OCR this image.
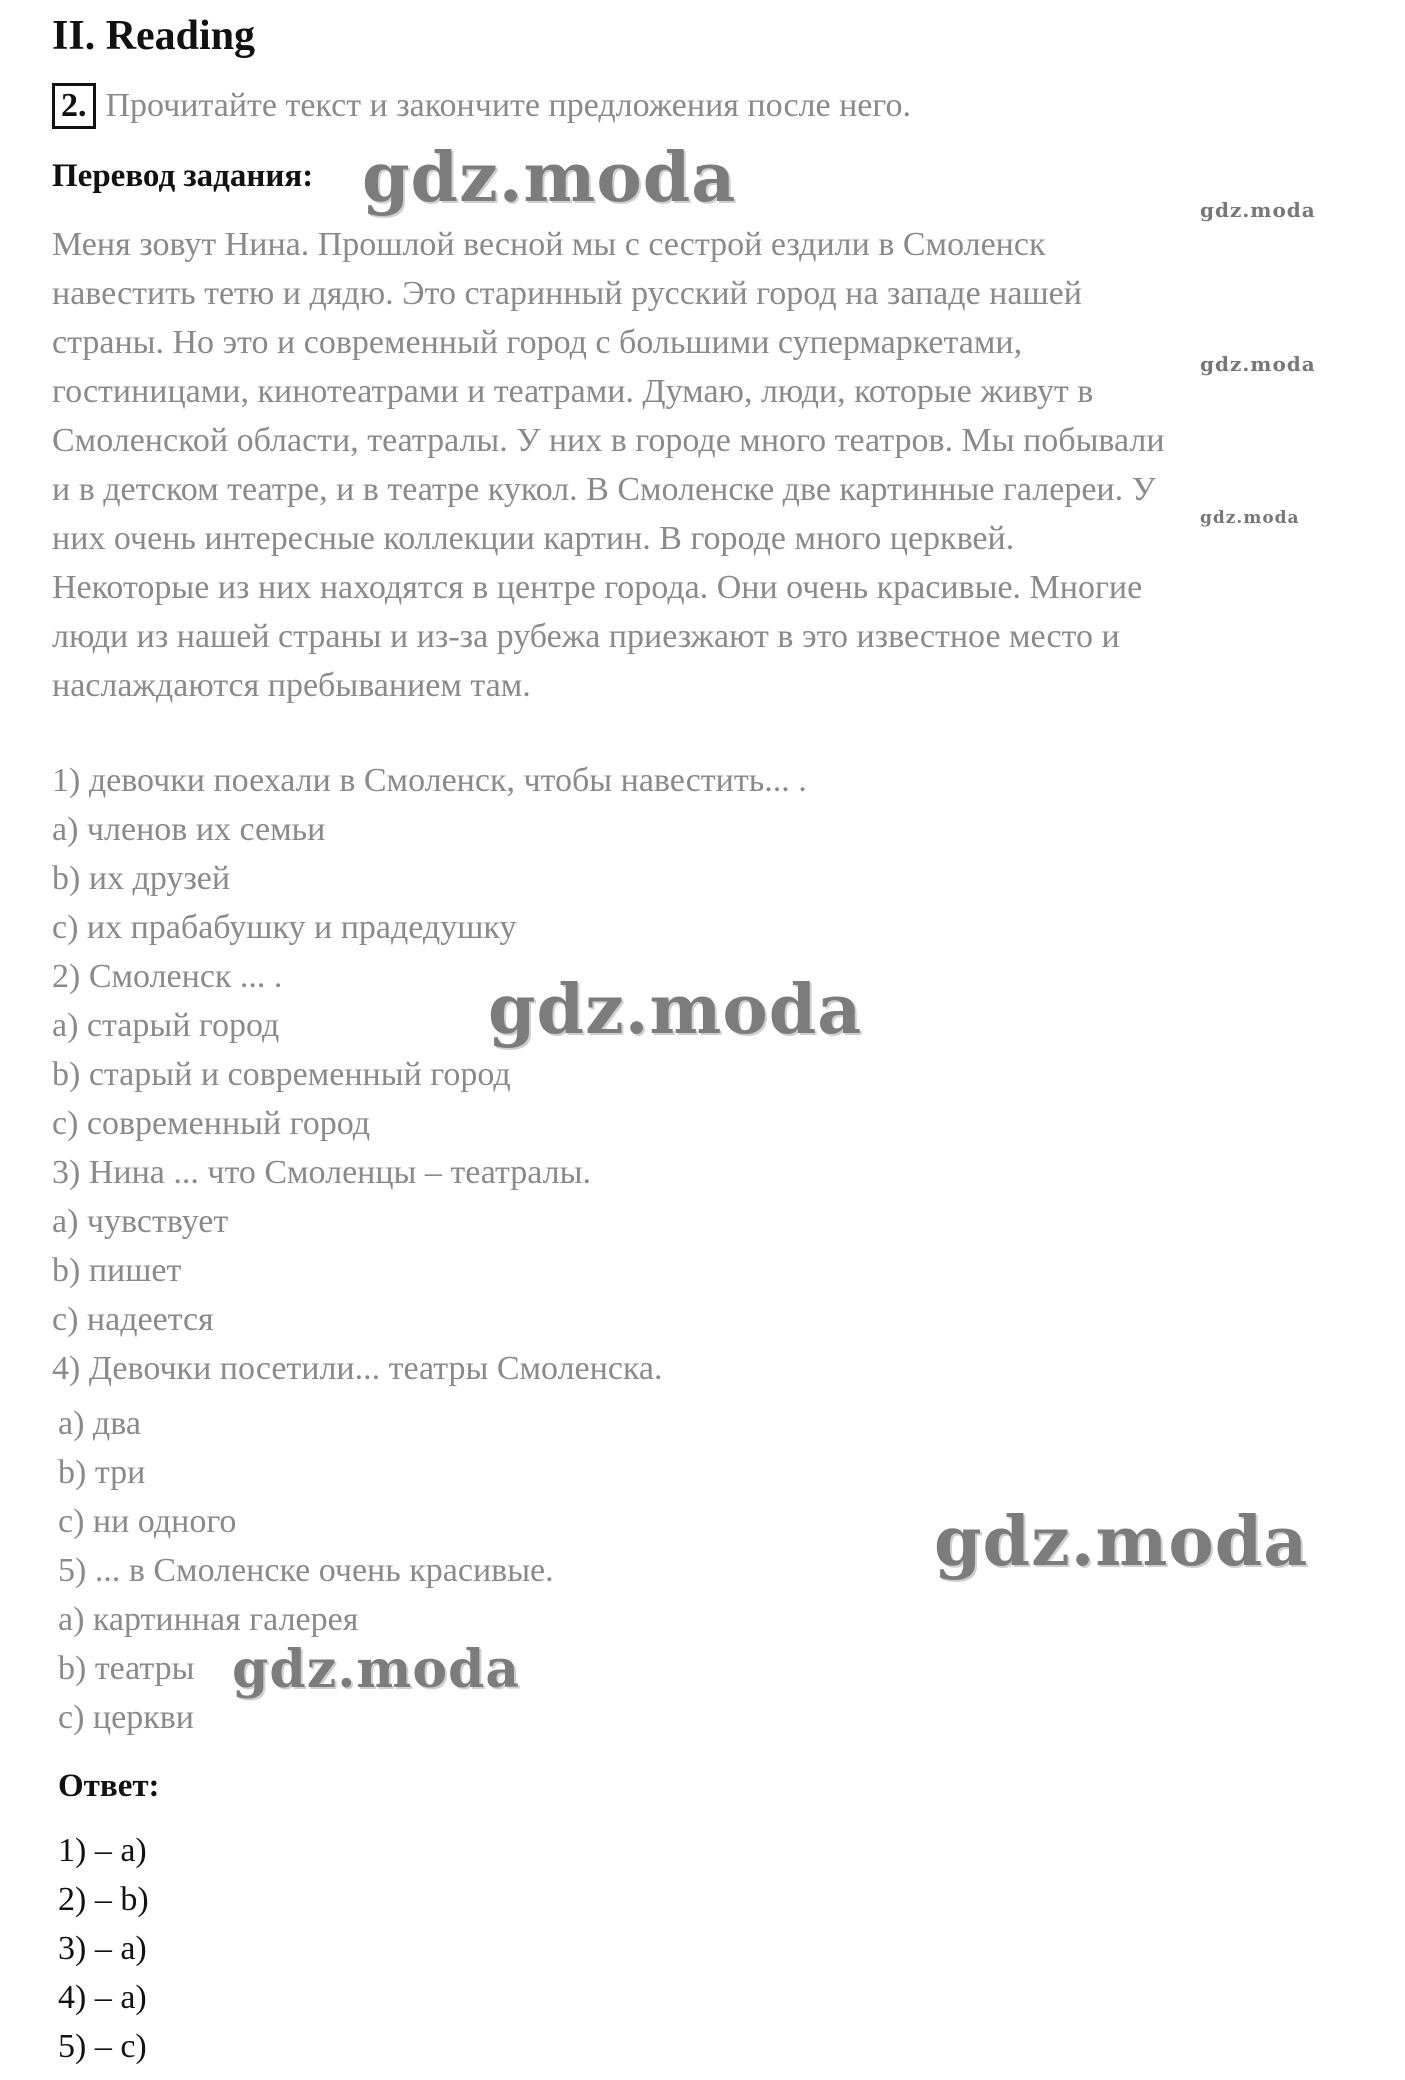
II. Reading
2. Прочитайте текст и закончите предложения после него.
Перевод задания:
Меня зовут Нина. Прошлой весной мы с сестрой ездили в Смоленск
навестить тетю и дядю. Это старинный русский город на западе нашей
страны. Но это и современный город с большими супермаркетами,
гостиницами, кинотеатрами и театрами. Думаю, люди, которые живут в
Смоленской области, театралы. У них в городе много театров. Мы побывали
и в детском театре, и в театре кукол. В Смоленске две картинные галереи. У
них очень интересные коллекции картин. В городе много церквей.
Некоторые из них находятся в центре города. Они очень красивые. Многие
люди из нашей страны и из-за рубежа приезжают в это известное место и
наслаждаются пребыванием там.
1) девочки поехали в Смоленск, чтобы навестить... .
a) членов их семьи
b) их друзей
c) их прабабушку и прадедушку
2) Смоленск ... .
a) старый город
b) старый и современный город
c) современный город
3) Нина ... что Смоленцы – театралы.
a) чувствует
b) пишет
c) надеется
4) Девочки посетили... театры Смоленска.
a) два
b) три
c) ни одного
5) ... в Смоленске очень красивые.
a) картинная галерея
b) театры
c) церкви
Ответ:
1) – a)
2) – b)
3) – a)
4) – a)
5) – c)
gdz.moda	gdz.moda
gdz.moda
gdz.moda
gdz.moda
gdz.moda
gdz.moda
